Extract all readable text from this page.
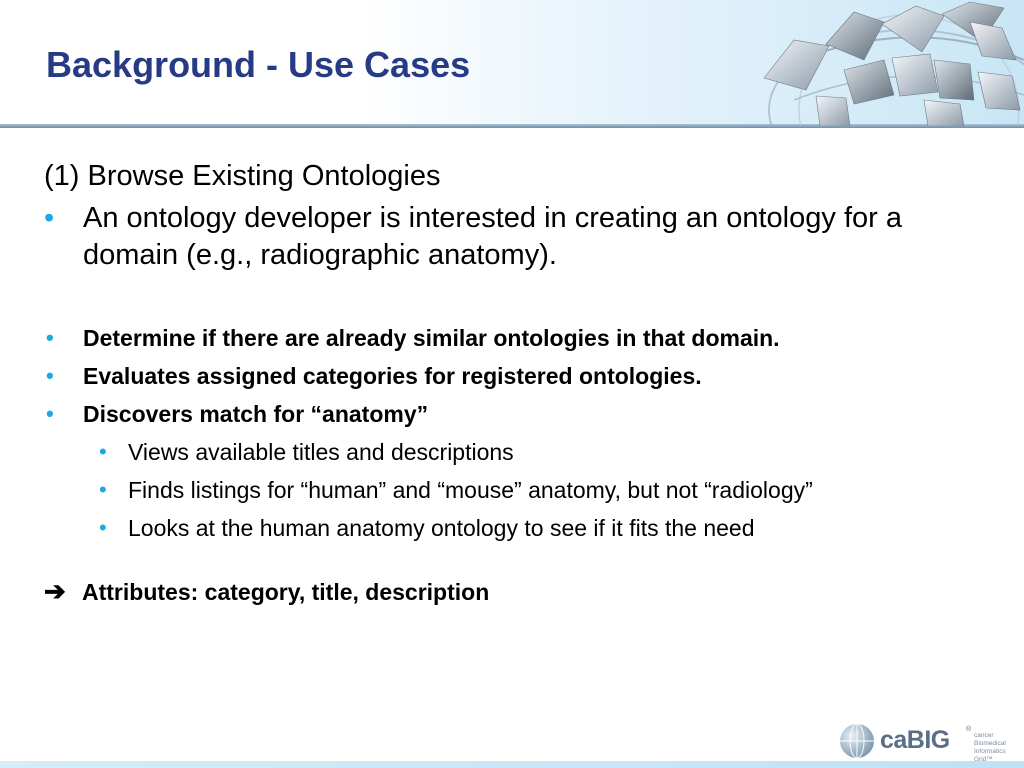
Background - Use Cases

(1) Browse Existing Ontologies

• An ontology developer is interested in creating an ontology for a domain (e.g., radiographic anatomy).
• Determine if there are already similar ontologies in that domain.
• Evaluates assigned categories for registered ontologies.
• Discovers match for “anatomy”
• Views available titles and descriptions
• Finds listings for “human” and “mouse” anatomy, but not “radiology”
• Looks at the human anatomy ontology to see if it fits the need
➔ Attributes: category, title, description
caBIG ®
cancer Biomedical Informatics Grid™
